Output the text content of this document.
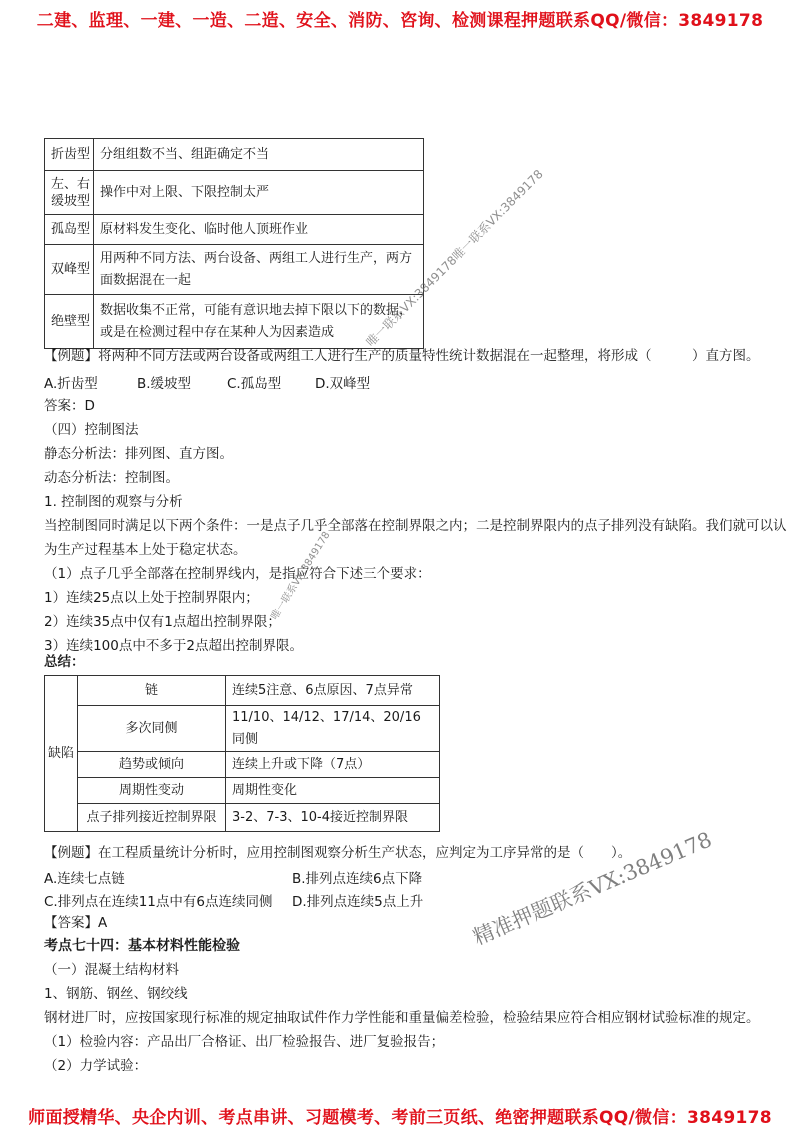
二建、监理、一建、一造、二造、安全、消防、咨询、检测课程押题联系QQ/微信：3849178
折齿型	分组组数不当、组距确定不当
左、右缓坡型	操作中对上限、下限控制太严
孤岛型	原材料发生变化、临时他人顶班作业
双峰型	用两种不同方法、两台设备、两组工人进行生产，两方面数据混在一起
绝壁型	数据收集不正常，可能有意识地去掉下限以下的数据，或是在检测过程中存在某种人为因素造成
【例题】将两种不同方法或两台设备或两组工人进行生产的质量特性统计数据混在一起整理，将形成（　　　）直方图。
A.折齿型	B.缓坡型	C.孤岛型	D.双峰型
答案：D
（四）控制图法
静态分析法：排列图、直方图。
动态分析法：控制图。
1. 控制图的观察与分析
当控制图同时满足以下两个条件：一是点子几乎全部落在控制界限之内；二是控制界限内的点子排列没有缺陷。我们就可以认
为生产过程基本上处于稳定状态。
（1）点子几乎全部落在控制界线内，是指应符合下述三个要求：
1）连续25点以上处于控制界限内；
2）连续35点中仅有1点超出控制界限；
3）连续100点中不多于2点超出控制界限。
总结：
缺陷	链	连续5注意、6点原因、7点异常
	多次同侧	11/10、14/12、17/14、20/16同侧
	趋势或倾向	连续上升或下降（7点）
	周期性变动	周期性变化
	点子排列接近控制界限	3-2、7-3、10-4接近控制界限
【例题】在工程质量统计分析时，应用控制图观察分析生产状态，应判定为工序异常的是（　　）。
A.连续七点链	B.排列点连续6点下降
C.排列点在连续11点中有6点连续同侧 D.排列点连续5点上升
【答案】A
考点七十四：基本材料性能检验
（一）混凝土结构材料
1、钢筋、钢丝、钢绞线
钢材进厂时，应按国家现行标准的规定抽取试件作力学性能和重量偏差检验，检验结果应符合相应钢材试验标准的规定。
（1）检验内容：产品出厂合格证、出厂检验报告、进厂复验报告；
（2）力学试验：
唯一联系VX:3849178唯一联系VX:3849178
唯一联系VX:3849178
精准押题联系VX:3849178
师面授精华、央企内训、考点串讲、习题模考、考前三页纸、绝密押题联系QQ/微信：3849178
